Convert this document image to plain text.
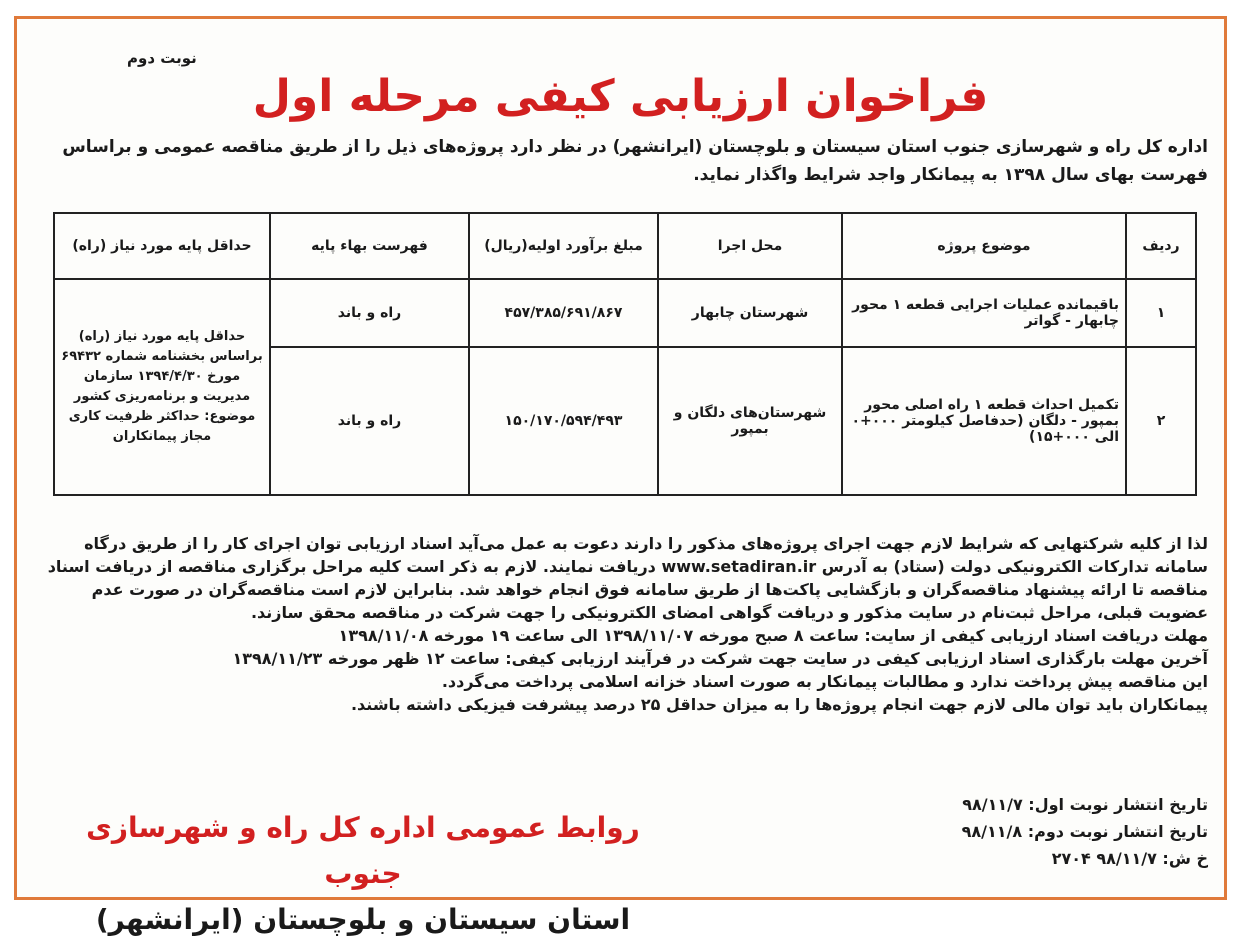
نوبت دوم
فراخوان ارزیابی کیفی مرحله اول
اداره کل راه و شهرسازی جنوب استان سیستان و بلوچستان (ایرانشهر) در نظر دارد پروژه‌های ذیل را از طریق مناقصه عمومی و براساس فهرست بهای سال ۱۳۹۸ به پیمانکار واجد شرایط واگذار نماید.
ردیف	موضوع پروژه	محل اجرا	مبلغ برآورد اولیه(ریال)	فهرست بهاء پایه	حداقل پایه مورد نیاز (راه)
۱	باقیمانده عملیات اجرایی قطعه ۱ محور چابهار - گواتر	شهرستان چابهار	۴۵۷/۳۸۵/۶۹۱/۸۶۷	راه و باند	حداقل پایه مورد نیاز (راه) براساس بخشنامه شماره ۶۹۴۳۲ مورخ ۱۳۹۴/۴/۳۰ سازمان مدیریت و برنامه‌ریزی کشور موضوع: حداکثر ظرفیت کاری مجاز پیمانکاران
۲	تکمیل احداث قطعه ۱ راه اصلی محور بمپور - دلگان (حدفاصل کیلومتر ۰۰۰+۰ الی ۰۰۰+۱۵)	شهرستان‌های دلگان و بمپور	۱۵۰/۱۷۰/۵۹۴/۴۹۳	راه و باند	

لذا از کلیه شرکتهایی که شرایط لازم جهت اجرای پروژه‌های مذکور را دارند دعوت به عمل می‌آید اسناد ارزیابی توان اجرای کار را از طریق درگاه سامانه تدارکات الکترونیکی دولت (ستاد) به آدرس www.setadiran.ir دریافت نمایند. لازم به ذکر است کلیه مراحل برگزاری مناقصه از دریافت اسناد مناقصه تا ارائه پیشنهاد مناقصه‌گران و بازگشایی پاکت‌ها از طریق سامانه فوق انجام خواهد شد. بنابراین لازم است مناقصه‌گران در صورت عدم عضویت قبلی، مراحل ثبت‌نام در سایت مذکور و دریافت گواهی امضای الکترونیکی را جهت شرکت در مناقصه محقق سازند.

مهلت دریافت اسناد ارزیابی کیفی از سایت: ساعت ۸ صبح مورخه ۱۳۹۸/۱۱/۰۷ الی ساعت ۱۹ مورخه ۱۳۹۸/۱۱/۰۸

آخرین مهلت بارگذاری اسناد ارزیابی کیفی در سایت جهت شرکت در فرآیند ارزیابی کیفی: ساعت ۱۲ ظهر مورخه ۱۳۹۸/۱۱/۲۳

این مناقصه پیش پرداخت ندارد و مطالبات پیمانکار به صورت اسناد خزانه اسلامی پرداخت می‌گردد.

پیمانکاران باید توان مالی لازم جهت انجام پروژه‌ها را به میزان حداقل ۲۵ درصد پیشرفت فیزیکی داشته باشند.

تاریخ انتشار نوبت اول: ۹۸/۱۱/۷

تاریخ انتشار نوبت دوم: ۹۸/۱۱/۸

خ ش: ۹۸/۱۱/۷ ۲۷۰۴

روابط عمومی اداره کل راه و شهرسازی جنوب

استان سیستان و بلوچستان (ایرانشهر)
